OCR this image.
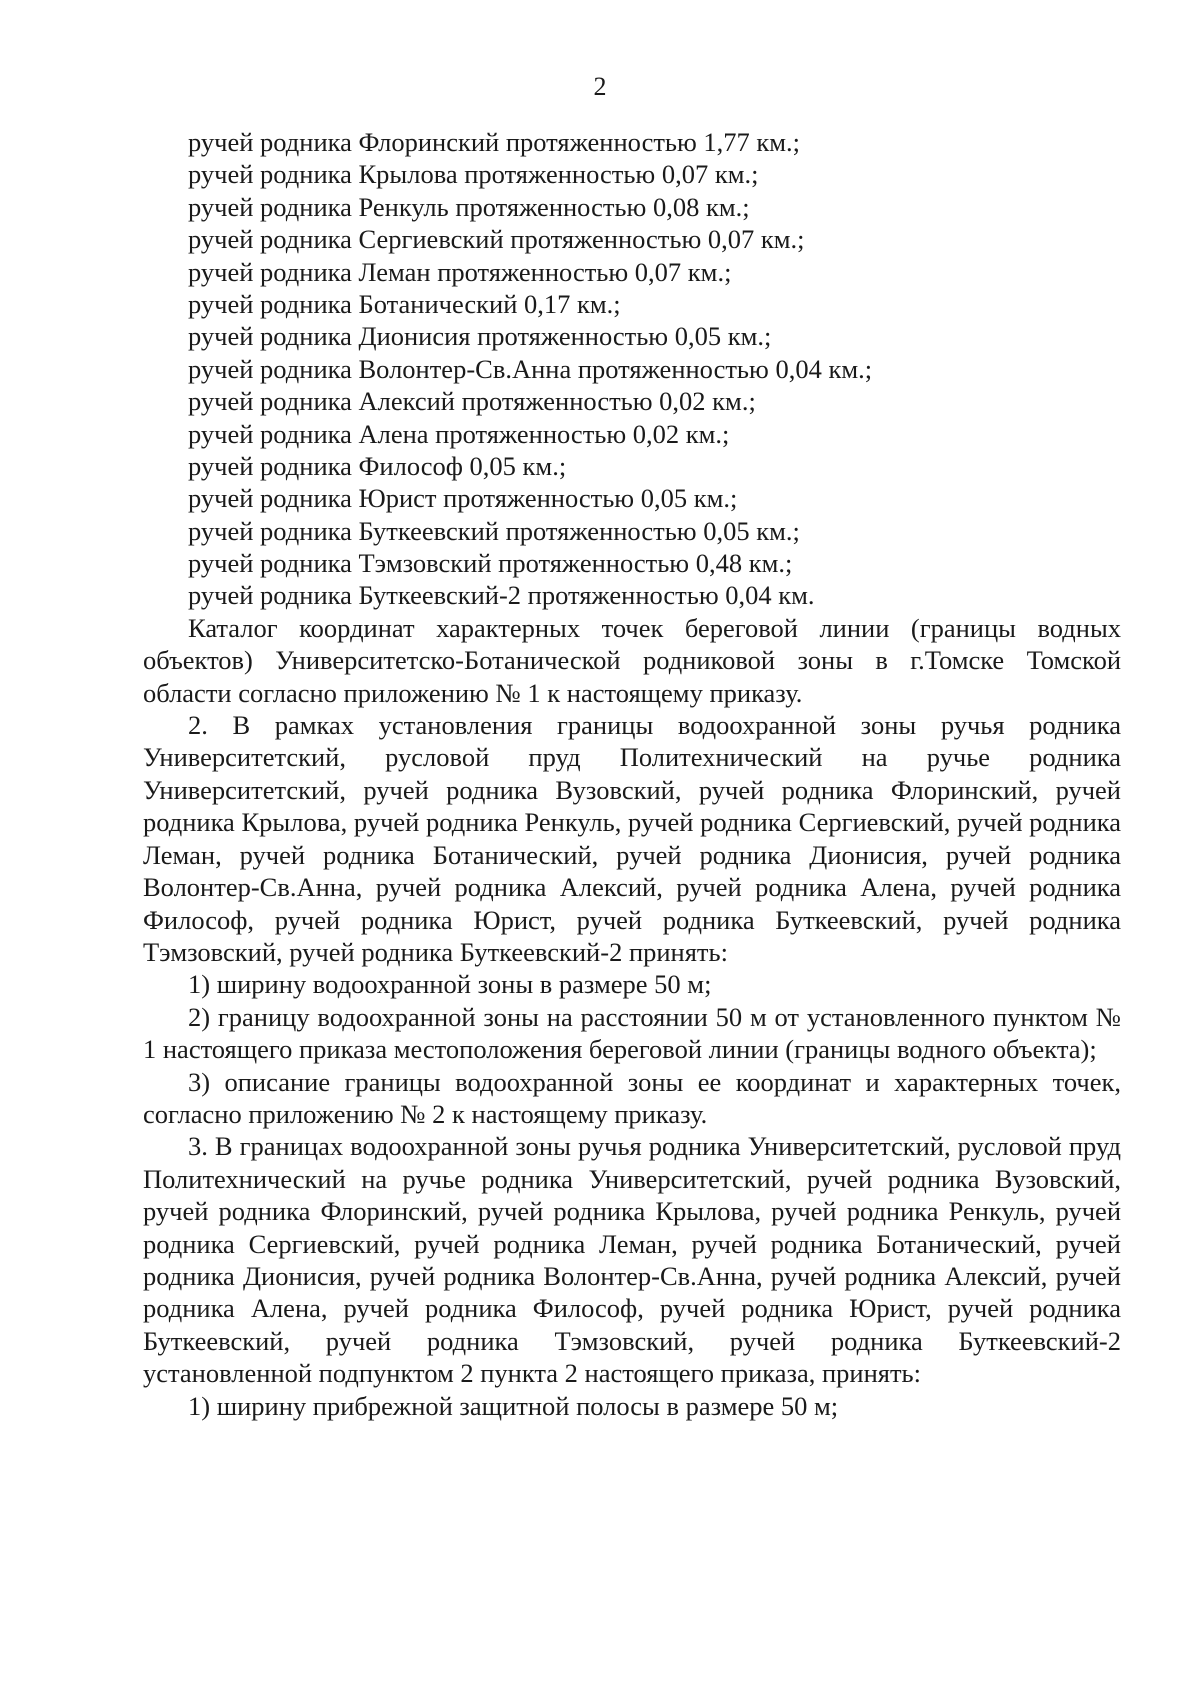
2

ручей родника Флоринский протяженностью 1,77 км.;

ручей родника Крылова протяженностью 0,07 км.;

ручей родника Ренкуль протяженностью 0,08 км.;

ручей родника Сергиевский протяженностью 0,07 км.;

ручей родника Леман протяженностью 0,07 км.;

ручей родника Ботанический 0,17 км.;

ручей родника Дионисия протяженностью 0,05 км.;

ручей родника Волонтер-Св.Анна протяженностью 0,04 км.;

ручей родника Алексий протяженностью 0,02 км.;

ручей родника Алена протяженностью 0,02 км.;

ручей родника Философ 0,05 км.;

ручей родника Юрист протяженностью 0,05 км.;

ручей родника Буткеевский протяженностью 0,05 км.;

ручей родника Тэмзовский протяженностью 0,48 км.;

ручей родника Буткеевский-2 протяженностью 0,04 км.

Каталог координат характерных точек береговой линии (границы водных объектов) Университетско-Ботанической родниковой зоны в г.Томске Томской области согласно приложению № 1 к настоящему приказу.

2. В рамках установления границы водоохранной зоны ручья родника Университетский, русловой пруд Политехнический на ручье родника Университетский, ручей родника Вузовский, ручей родника Флоринский, ручей родника Крылова, ручей родника Ренкуль, ручей родника Сергиевский, ручей родника Леман, ручей родника Ботанический, ручей родника Дионисия, ручей родника Волонтер-Св.Анна, ручей родника Алексий, ручей родника Алена, ручей родника Философ, ручей родника Юрист, ручей родника Буткеевский, ручей родника Тэмзовский, ручей родника Буткеевский-2 принять:

1) ширину водоохранной зоны в размере 50 м;

2) границу водоохранной зоны на расстоянии 50 м от установленного пунктом № 1 настоящего приказа местоположения береговой линии (границы водного объекта);

3) описание границы водоохранной зоны ее координат и характерных точек, согласно приложению № 2 к настоящему приказу.

3. В границах водоохранной зоны ручья родника Университетский, русловой пруд Политехнический на ручье родника Университетский, ручей родника Вузовский, ручей родника Флоринский, ручей родника Крылова, ручей родника Ренкуль, ручей родника Сергиевский, ручей родника Леман, ручей родника Ботанический, ручей родника Дионисия, ручей родника Волонтер-Св.Анна, ручей родника Алексий, ручей родника Алена, ручей родника Философ, ручей родника Юрист, ручей родника Буткеевский, ручей родника Тэмзовский, ручей родника Буткеевский-2 установленной подпунктом 2 пункта 2 настоящего приказа, принять:

1) ширину прибрежной защитной полосы в размере 50 м;
